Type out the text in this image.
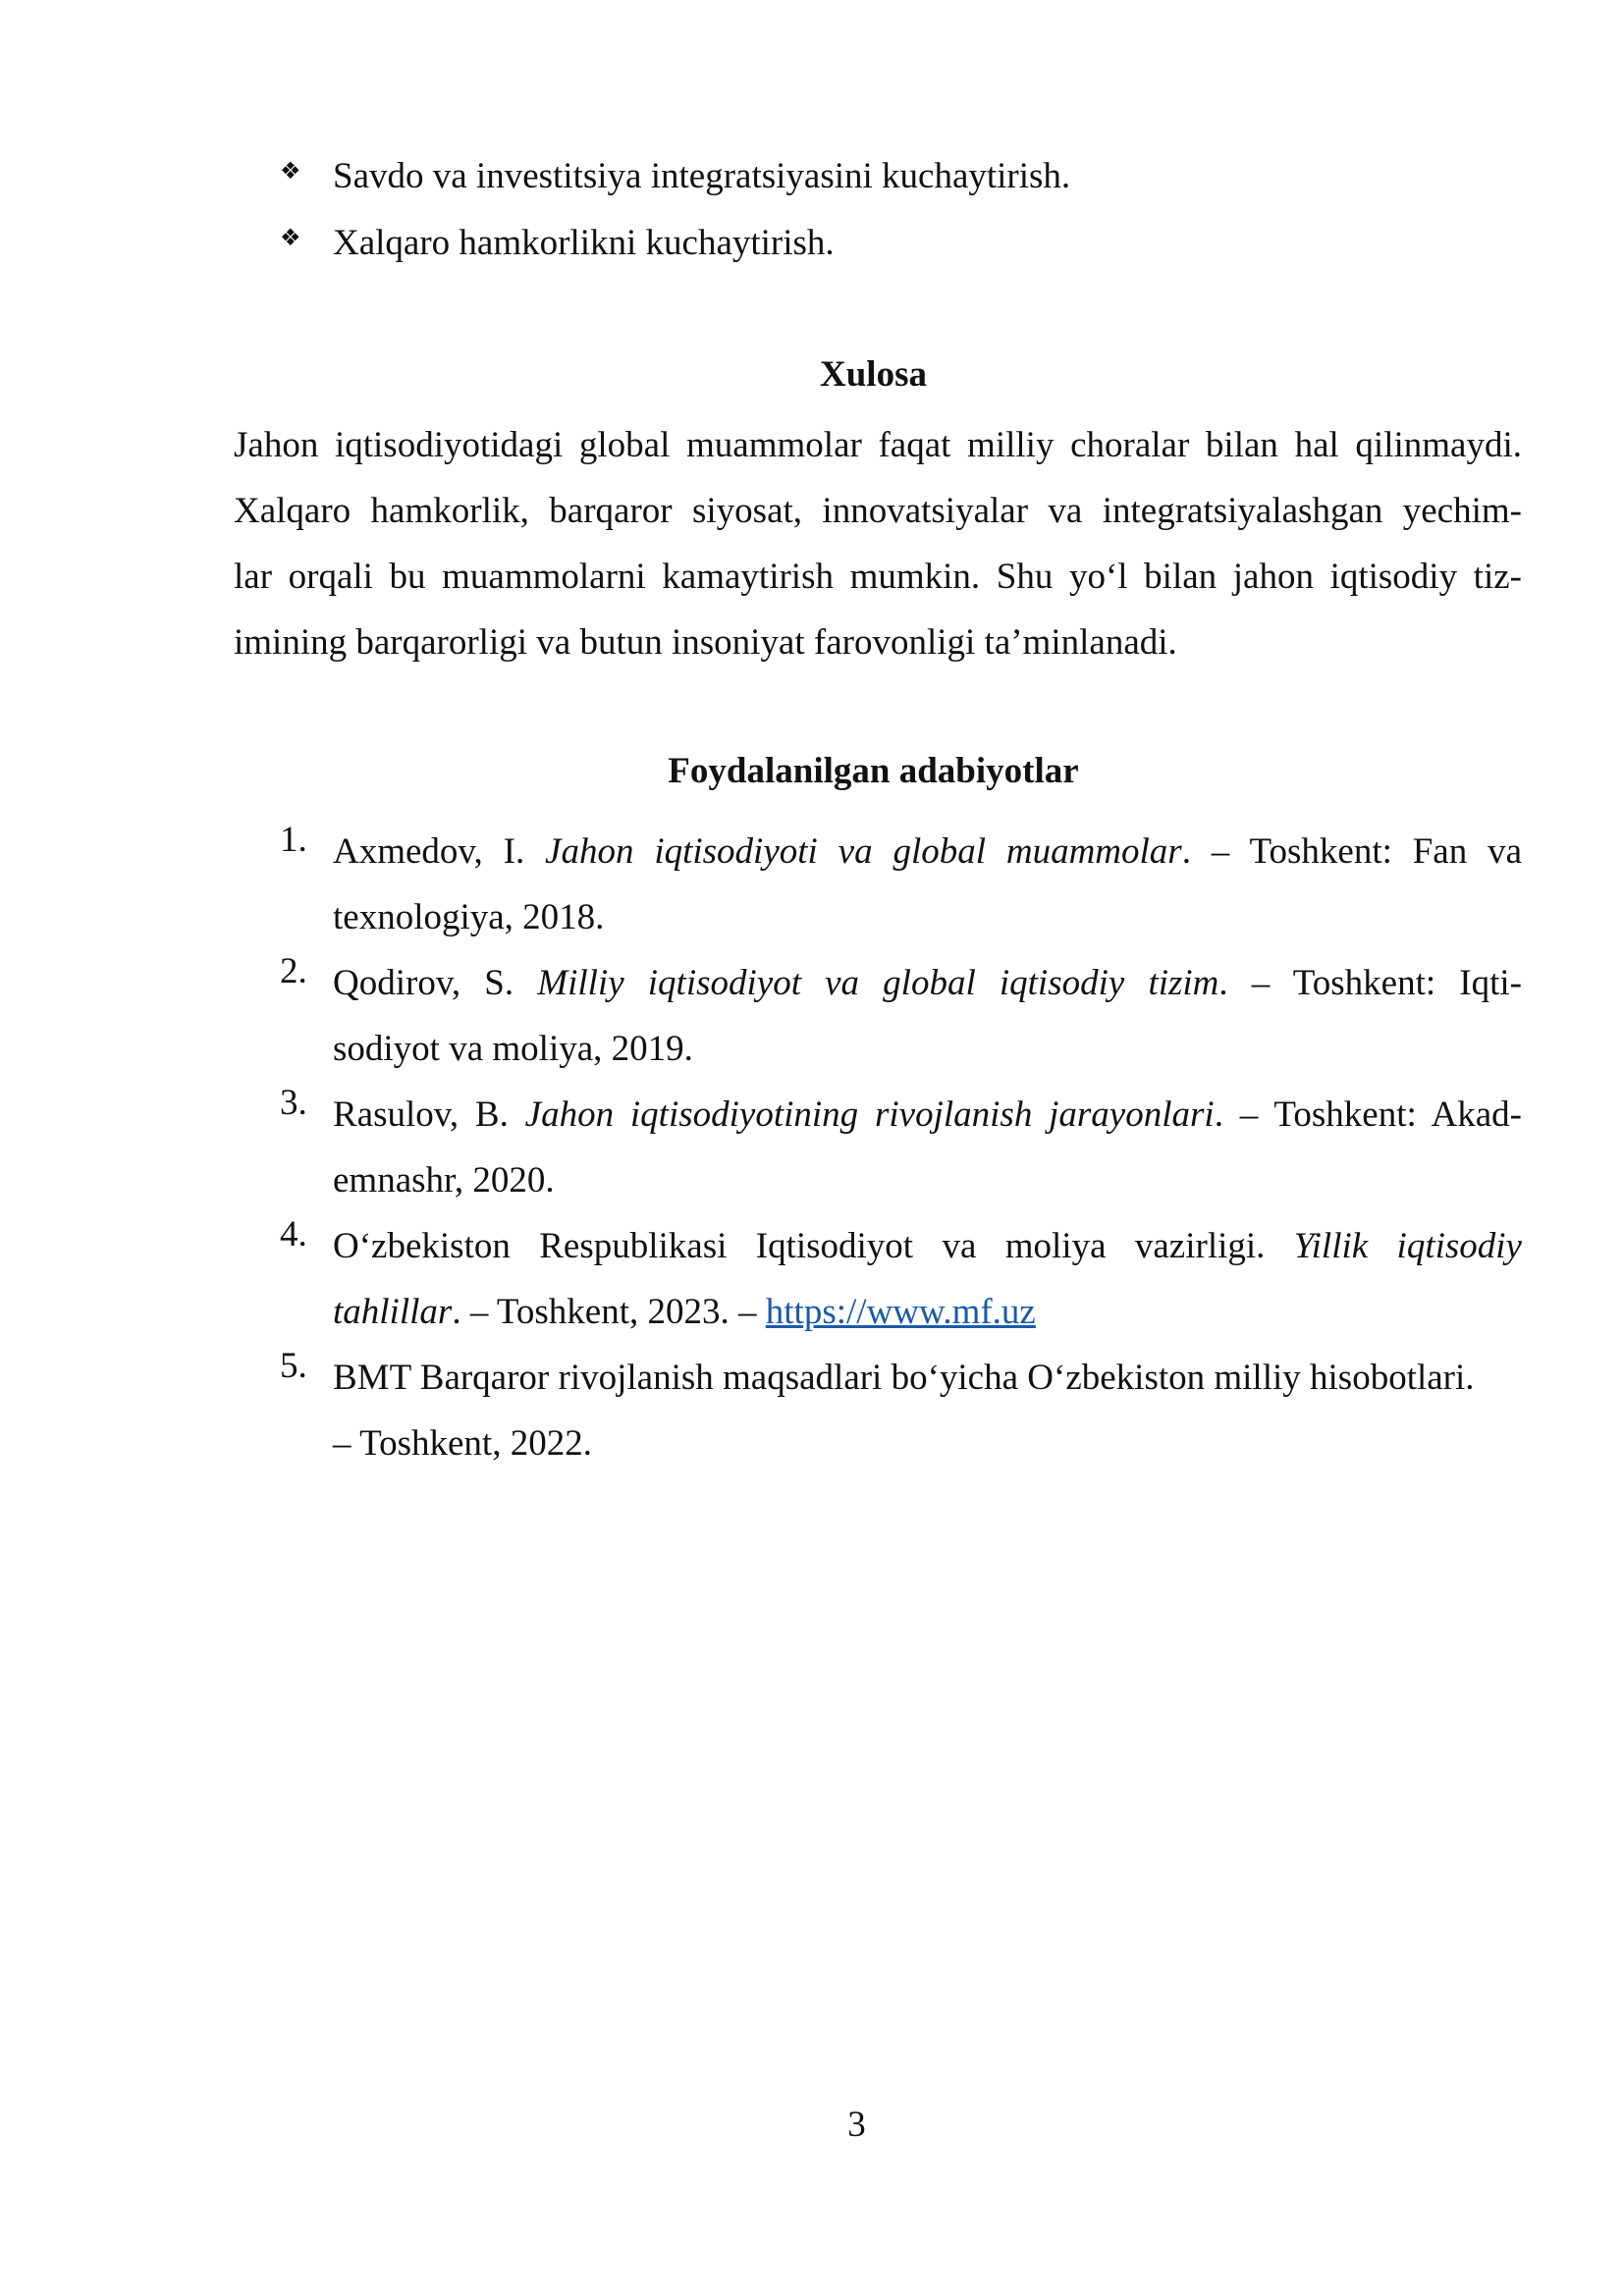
❖ Savdo va investitsiya integratsiyasini kuchaytirish.
❖ Xalqaro hamkorlikni kuchaytirish.
Xulosa
Jahon iqtisodiyotidagi global muammolar faqat milliy choralar bilan hal qilinmaydi.
Xalqaro hamkorlik, barqaror siyosat, innovatsiyalar va integratsiyalashgan yechim-
lar orqali bu muammolarni kamaytirish mumkin. Shu yo‘l bilan jahon iqtisodiy tiz-
imining barqarorligi va butun insoniyat farovonligi ta’minlanadi.
Foydalanilgan adabiyotlar
1. Axmedov, I. Jahon iqtisodiyoti va global muammolar. – Toshkent: Fan va
texnologiya, 2018.
2. Qodirov, S. Milliy iqtisodiyot va global iqtisodiy tizim. – Toshkent: Iqti-
sodiyot va moliya, 2019.
3. Rasulov, B. Jahon iqtisodiyotining rivojlanish jarayonlari. – Toshkent: Akad-
emnashr, 2020.
4. O‘zbekiston Respublikasi Iqtisodiyot va moliya vazirligi. Yillik iqtisodiy
tahlillar. – Toshkent, 2023. – https://www.mf.uz
5. BMT Barqaror rivojlanish maqsadlari bo‘yicha O‘zbekiston milliy hisobotlari.
– Toshkent, 2022.
3
